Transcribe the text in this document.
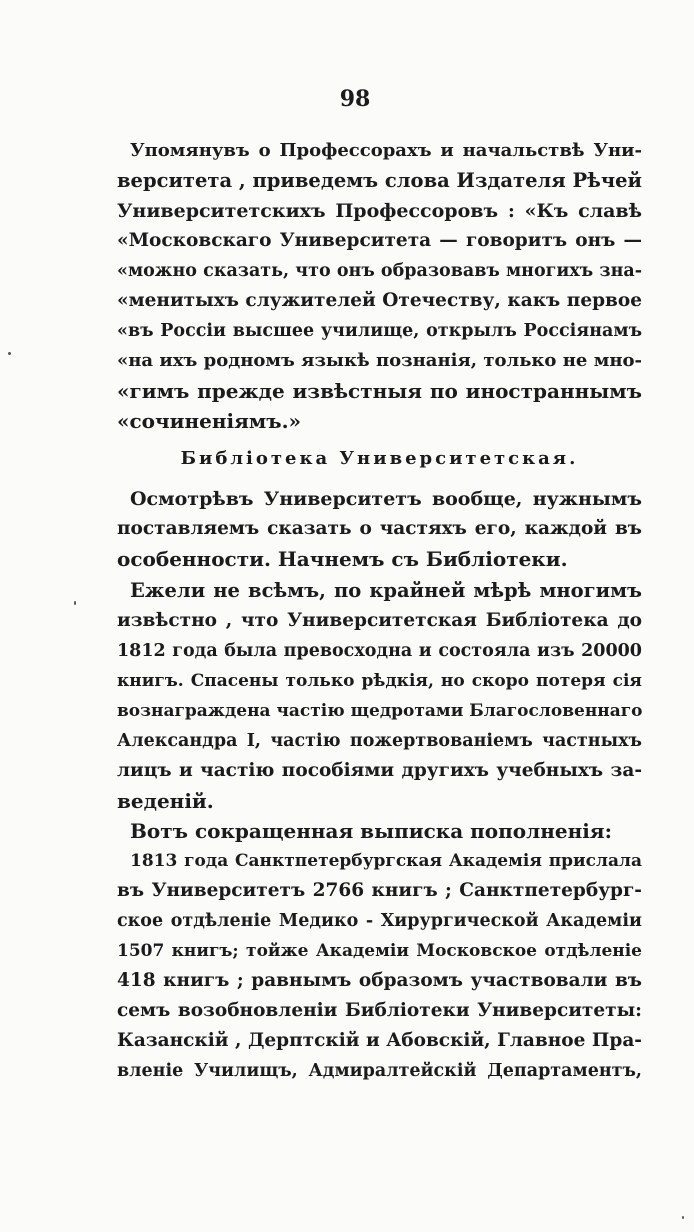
98
Упомянувъ о Профессорахъ и начальствѣ Уни-
верситета , приведемъ слова Издателя Рѣчей
Университетскихъ Профессоровъ : «Къ славѣ
«Московскаго Университета — говоритъ онъ —
«можно сказать, что онъ образовавъ многихъ зна-
«менитыхъ служителей Отечеству, какъ первое
«въ Россіи высшее училище, открылъ Россіянамъ
«на ихъ родномъ языкѣ познанія, только не мно-
«гимъ прежде извѣстныя по иностраннымъ
«сочиненіямъ.»
Библіотека Университетская.
Осмотрѣвъ Университетъ вообще, нужнымъ
поставляемъ сказать о частяхъ его, каждой въ
особенности. Начнемъ съ Библіотеки.
Ежели не всѣмъ, по крайней мѣрѣ многимъ
извѣстно , что Университетская Библіотека до
1812 года была превосходна и состояла изъ 20000
книгъ. Спасены только рѣдкія, но скоро потеря сія
вознаграждена частію щедротами Благословеннаго
Александра I, частію пожертвованіемъ частныхъ
лицъ и частію пособіями другихъ учебныхъ за-
веденій.
Вотъ сокращенная выписка пополненія:
1813 года Санктпетербургская Академія прислала
въ Университетъ 2766 книгъ ; Санктпетербург-
ское отдѣленіе Медико - Хирургической Академіи
1507 книгъ; тойже Академіи Московское отдѣленіе
418 книгъ ; равнымъ образомъ участвовали въ
семъ возобновленіи Библіотеки Университеты:
Казанскій , Дерптскій и Абовскій, Главное Пра-
вленіе Училищъ, Адмиралтейскій Департаментъ,
